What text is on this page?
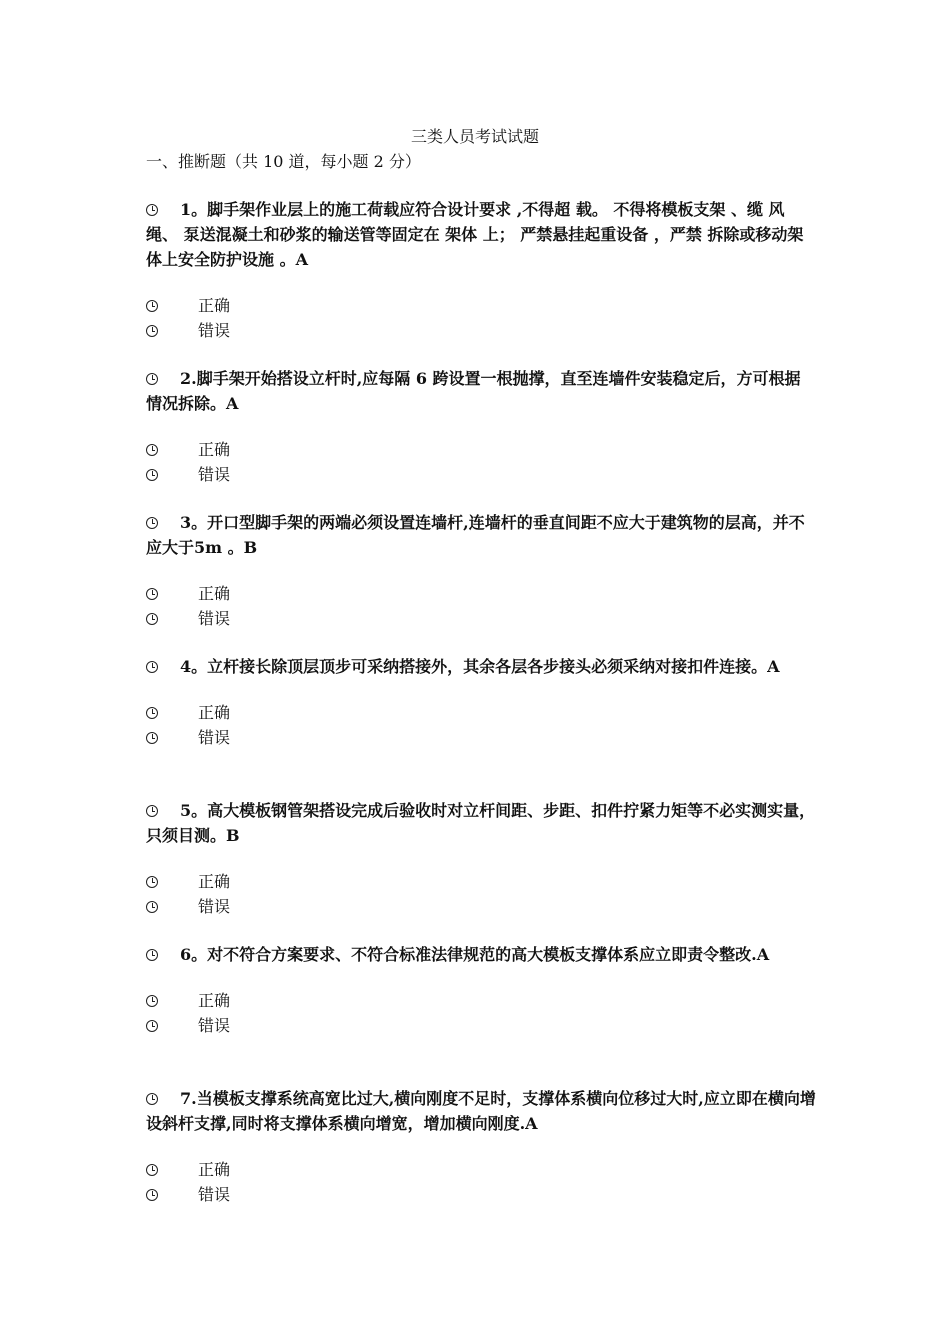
三类人员考试试题
一、推断题（共 10 道，每小题 2 分）

1。脚手架作业层上的施工荷载应符合设计要求 ,不得超 载。 不得将模板支架 、缆 风绳、 泵送混凝土和砂浆的输送管等固定在 架体 上； 严禁悬挂起重设备 ，严禁 拆除或移动架 体上安全防护设施 。A

正确
错误

2.脚手架开始搭设立杆时,应每隔 6 跨设置一根抛撑，直至连墙件安装稳定后，方可根据情况拆除。A

正确
错误

3。开口型脚手架的两端必须设置连墙杆,连墙杆的垂直间距不应大于建筑物的层高，并不应大于5m 。B

正确
错误

4。立杆接长除顶层顶步可采纳搭接外，其余各层各步接头必须采纳对接扣件连接。A

正确
错误

5。高大模板钢管架搭设完成后验收时对立杆间距、步距、扣件拧紧力矩等不必实测实量，只须目测。B

正确
错误

6。对不符合方案要求、不符合标准法律规范的高大模板支撑体系应立即责令整改.A

正确
错误

7.当模板支撑系统高宽比过大,横向刚度不足时，支撑体系横向位移过大时,应立即在横向增设斜杆支撑,同时将支撑体系横向增宽，增加横向刚度.A

正确
错误
